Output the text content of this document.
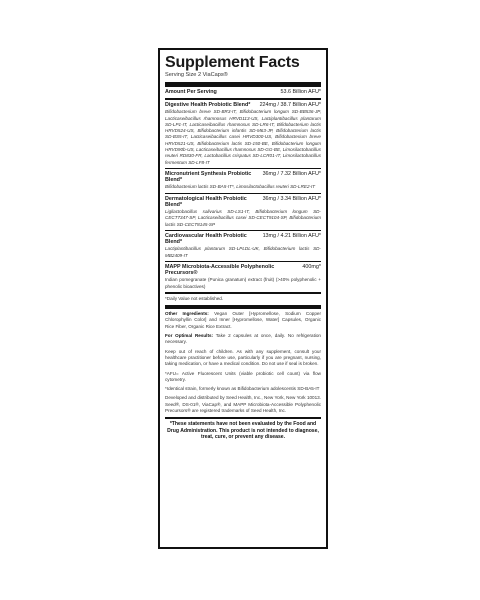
Supplement Facts
Serving Size 2 ViaCaps®
Amount Per Serving	53.6 Billion AFU*
Digestive Health Probiotic Blend* 224mg / 38.7 Billion AFU*
Bifidobacterium breve SD-BR3-IT, Bifidobacterium longum SD-BB536-JP, Lacticaseibacillus rhamnosus HRVD113-US, Lactiplantibacillus plantarum SD-LP1-IT, Lacticaseibacillus rhamnosus SD-LR6-IT, Bifidobacterium lactis HRVD524-US, Bifidobacterium infantis SD-M63-JP, Bifidobacterium lactis SD-BS5-IT, Lacticaseibacillus casei HRVD300-US, Bifidobacterium breve HRVD521-US, Bifidobacterium lactis SD-150-BE, Bifidobacterium longum HRVD90b-US, Lacticaseibacillus rhamnosus SD-GG-BE, Limosilactobacillus reuteri RD830-FR, Lactobacillus crispatus SD-LCR01-IT, Limosilactobacillus fermentum SD-LF8-IT
Micronutrient Synthesis Probiotic Blend*
36mg / 7.32 Billion AFU*
Bifidobacterium lactis SD-BA5-IT*, Limosilactobacillus reuteri SD-LRE2-IT
Dermatological Health Probiotic Blend*
36mg / 3.34 Billion AFU*
Ligilactobacillus salivarius SD-LS1-IT, Bifidobacterium longum SD-CECT7347-SP, Lacticaseibacillus casei SD-CECT9104-SP, Bifidobacterium lactis SD-CECT8145-SP
Cardiovascular Health Probiotic Blend*
13mg / 4.21 Billion AFU*
Lactiplantibacillus plantarum SD-LPLDL-UK, Bifidobacterium lactis SD-MB2409-IT
MAPP Microbiota-Accessible Polyphenolic Precursors®
400mg*
Indian pomegranate (Punica granatum) extract (fruit) (>40% polyphenolic + phenolic bioactives)
*Daily Value not established.

Other Ingredients: Vegan Outer [Hypromellose, Sodium Copper Chlorophyllin Color] and Inner [Hypromellose, Water] Capsules, Organic Rice Fiber, Organic Rice Extract.

For Optimal Results: Take 2 capsules at once, daily. No refrigeration necessary.

Keep out of reach of children. As with any supplement, consult your healthcare practitioner before use, particularly if you are pregnant, nursing, taking medication, or have a medical condition. Do not use if seal is broken.

*AFU= Active Fluorescent Units (viable probiotic cell count) via flow cytometry.

*Identical strain, formerly known as Bifidobacterium adolescentis SD-BA5-IT

Developed and distributed by Seed Health, Inc., New York, New York 10013. Seed®, DS-01®, ViaCap®, and MAPP Microbiota-Accessible Polyphenolic Precursors® are registered trademarks of Seed Health, Inc.

*These statements have not been evaluated by the Food and Drug Administration. This product is not intended to diagnose, treat, cure, or prevent any disease.
